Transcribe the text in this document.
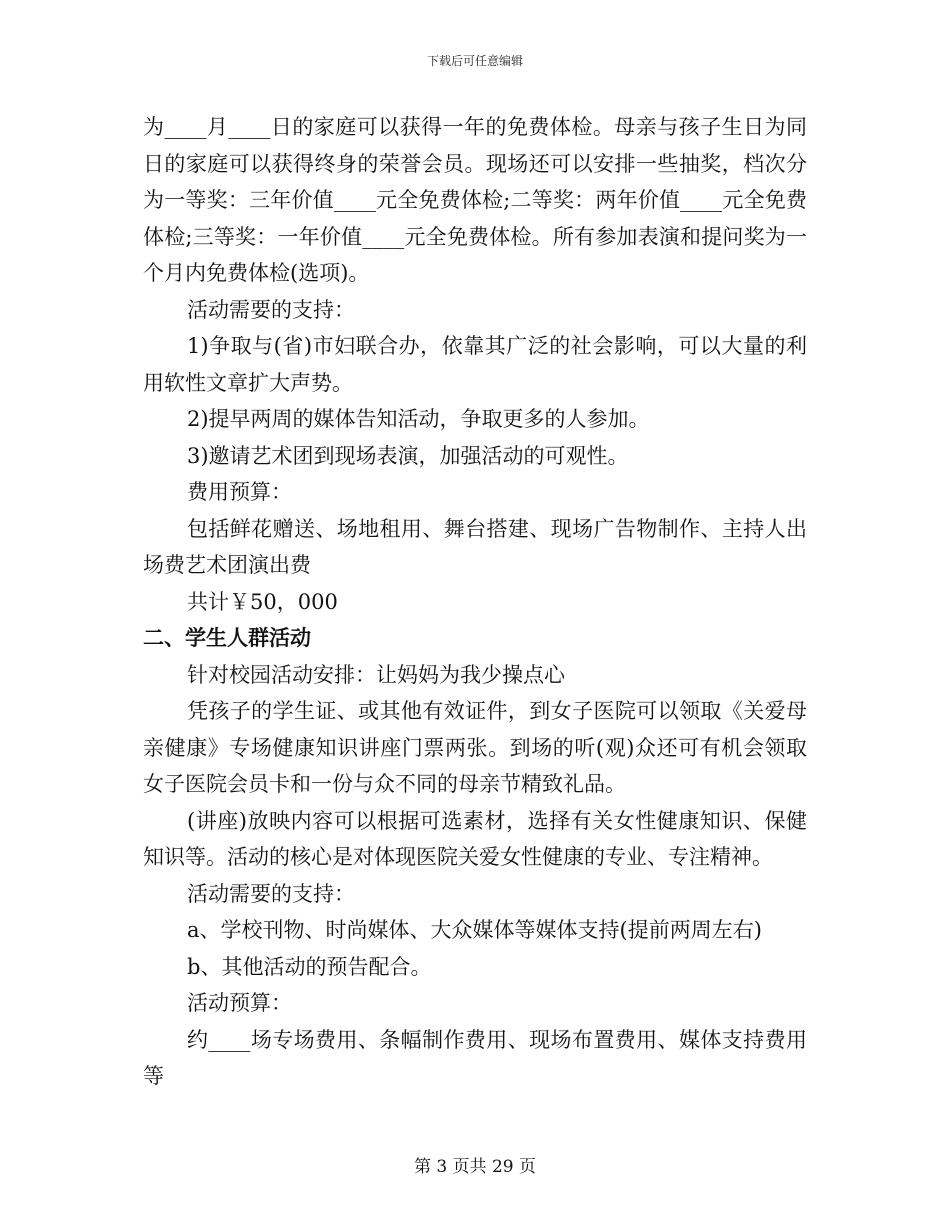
下载后可任意编辑

为____月____日的家庭可以获得一年的免费体检。母亲与孩子生日为同日的家庭可以获得终身的荣誉会员。现场还可以安排一些抽奖，档次分为一等奖：三年价值____元全免费体检;二等奖：两年价值____元全免费体检;三等奖：一年价值____元全免费体检。所有参加表演和提问奖为一个月内免费体检(选项)。

活动需要的支持：

1)争取与(省)市妇联合办，依靠其广泛的社会影响，可以大量的利用软性文章扩大声势。

2)提早两周的媒体告知活动，争取更多的人参加。

3)邀请艺术团到现场表演，加强活动的可观性。

费用预算：

包括鲜花赠送、场地租用、舞台搭建、现场广告物制作、主持人出场费艺术团演出费

共计￥50，000

二、学生人群活动

针对校园活动安排：让妈妈为我少操点心

凭孩子的学生证、或其他有效证件，到女子医院可以领取《关爱母亲健康》专场健康知识讲座门票两张。到场的听(观)众还可有机会领取女子医院会员卡和一份与众不同的母亲节精致礼品。

(讲座)放映内容可以根据可选素材，选择有关女性健康知识、保健知识等。活动的核心是对体现医院关爱女性健康的专业、专注精神。

活动需要的支持：

a、学校刊物、时尚媒体、大众媒体等媒体支持(提前两周左右)

b、其他活动的预告配合。

活动预算：

约____场专场费用、条幅制作费用、现场布置费用、媒体支持费用等

第 3 页共 29 页
